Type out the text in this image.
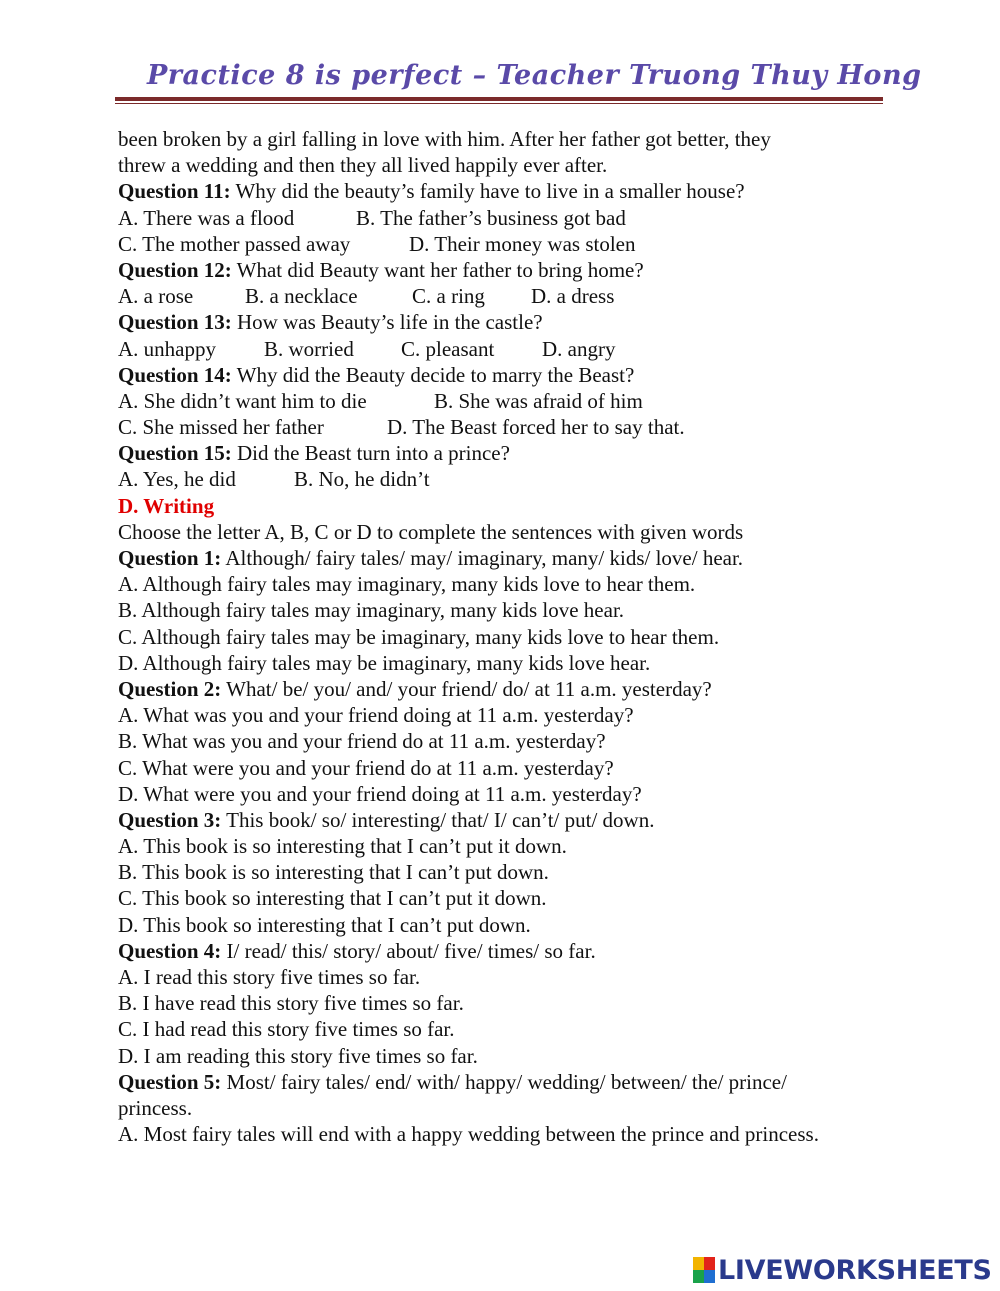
Practice 8 is perfect – Teacher Truong Thuy Hong
been broken by a girl falling in love with him. After her father got better, they
threw a wedding and then they all lived happily ever after.
Question 11: Why did the beauty’s family have to live in a smaller house?
A. There was a flood	B. The father’s business got bad
C. The mother passed away	D. Their money was stolen
Question 12: What did Beauty want her father to bring home?
A. a rose B. a necklace	C. a ring D. a dress
Question 13: How was Beauty’s life in the castle?
A. unhappy B. worried C. pleasant D. angry
Question 14: Why did the Beauty decide to marry the Beast?
A. She didn’t want him to die	B. She was afraid of him
C. She missed her father	D. The Beast forced her to say that.
Question 15: Did the Beast turn into a prince?
A. Yes, he did	B. No, he didn’t
D. Writing
Choose the letter A, B, C or D to complete the sentences with given words
Question 1: Although/ fairy tales/ may/ imaginary, many/ kids/ love/ hear.
A. Although fairy tales may imaginary, many kids love to hear them.
B. Although fairy tales may imaginary, many kids love hear.
C. Although fairy tales may be imaginary, many kids love to hear them.
D. Although fairy tales may be imaginary, many kids love hear.
Question 2: What/ be/ you/ and/ your friend/ do/ at 11 a.m. yesterday?
A. What was you and your friend doing at 11 a.m. yesterday?
B. What was you and your friend do at 11 a.m. yesterday?
C. What were you and your friend do at 11 a.m. yesterday?
D. What were you and your friend doing at 11 a.m. yesterday?
Question 3: This book/ so/ interesting/ that/ I/ can’t/ put/ down.
A. This book is so interesting that I can’t put it down.
B. This book is so interesting that I can’t put down.
C. This book so interesting that I can’t put it down.
D. This book so interesting that I can’t put down.
Question 4: I/ read/ this/ story/ about/ five/ times/ so far.
A. I read this story five times so far.
B. I have read this story five times so far.
C. I had read this story five times so far.
D. I am reading this story five times so far.
Question 5: Most/ fairy tales/ end/ with/ happy/ wedding/ between/ the/ prince/
princess.
A. Most fairy tales will end with a happy wedding between the prince and princess.
LIVEWORKSHEETS
